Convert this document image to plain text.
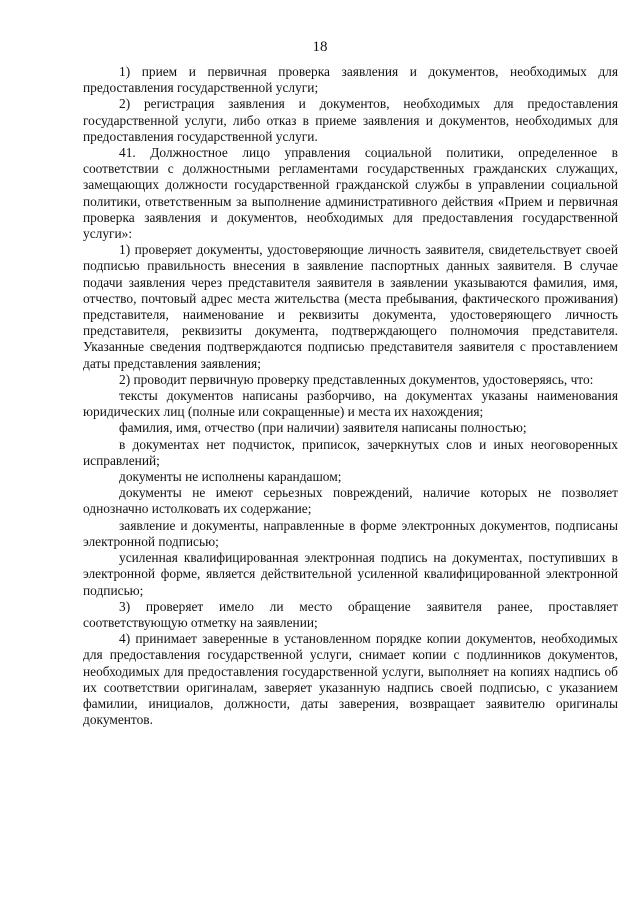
18

1) прием и первичная проверка заявления и документов, необходимых для предоставления государственной услуги;

2) регистрация заявления и документов, необходимых для предоставления государственной услуги, либо отказ в приеме заявления и документов, необходимых для предоставления государственной услуги.

41. Должностное лицо управления социальной политики, определенное в соответствии с должностными регламентами государственных гражданских служащих, замещающих должности государственной гражданской службы в управлении социальной политики, ответственным за выполнение административного действия «Прием и первичная проверка заявления и документов, необходимых для предоставления государственной услуги»:

1) проверяет документы, удостоверяющие личность заявителя, свидетельствует своей подписью правильность внесения в заявление паспортных данных заявителя. В случае подачи заявления через представителя заявителя в заявлении указываются фамилия, имя, отчество, почтовый адрес места жительства (места пребывания, фактического проживания) представителя, наименование и реквизиты документа, удостоверяющего личность представителя, реквизиты документа, подтверждающего полномочия представителя. Указанные сведения подтверждаются подписью представителя заявителя с проставлением даты представления заявления;

2) проводит первичную проверку представленных документов, удостоверяясь, что:

тексты документов написаны разборчиво, на документах указаны наименования юридических лиц (полные или сокращенные) и места их нахождения;

фамилия, имя, отчество (при наличии) заявителя написаны полностью;

в документах нет подчисток, приписок, зачеркнутых слов и иных неоговоренных исправлений;

документы не исполнены карандашом;

документы не имеют серьезных повреждений, наличие которых не позволяет однозначно истолковать их содержание;

заявление и документы, направленные в форме электронных документов, подписаны электронной подписью;

усиленная квалифицированная электронная подпись на документах, поступивших в электронной форме, является действительной усиленной квалифицированной электронной подписью;

3) проверяет имело ли место обращение заявителя ранее, проставляет соответствующую отметку на заявлении;

4) принимает заверенные в установленном порядке копии документов, необходимых для предоставления государственной услуги, снимает копии с подлинников документов, необходимых для предоставления государственной услуги, выполняет на копиях надпись об их соответствии оригиналам, заверяет указанную надпись своей подписью, с указанием фамилии, инициалов, должности, даты заверения, возвращает заявителю оригиналы документов.
